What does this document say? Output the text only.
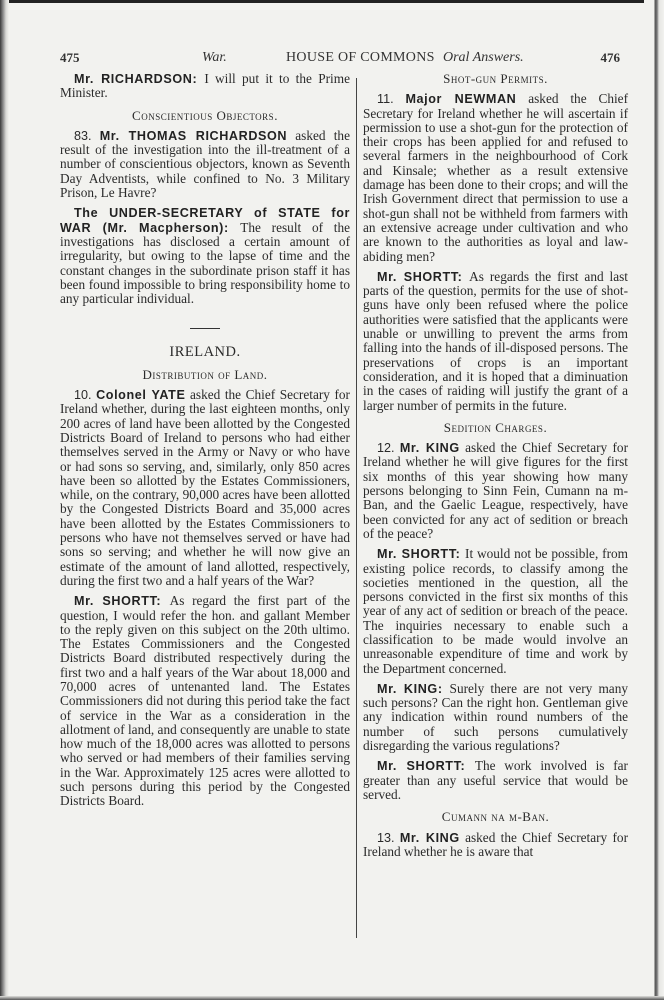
475	War.	HOUSE OF COMMONS Oral Answers.	476

Mr. RICHARDSON: I will put it to the Prime Minister.

Conscientious Objectors.

83. Mr. THOMAS RICHARDSON asked the result of the investigation into the ill-treatment of a number of conscientious objectors, known as Seventh Day Adventists, while confined to No. 3 Military Prison, Le Havre?

The UNDER-SECRETARY of STATE for WAR (Mr. Macpherson): The result of the investigations has disclosed a certain amount of irregularity, but owing to the lapse of time and the constant changes in the subordinate prison staff it has been found impossible to bring responsibility home to any particular individual.

IRELAND.
Distribution of Land.

10. Colonel YATE asked the Chief Secretary for Ireland whether, during the last eighteen months, only 200 acres of land have been allotted by the Congested Districts Board of Ireland to persons who had either themselves served in the Army or Navy or who have or had sons so serving, and, similarly, only 850 acres have been so allotted by the Estates Commissioners, while, on the contrary, 90,000 acres have been allotted by the Congested Districts Board and 35,000 acres have been allotted by the Estates Commissioners to persons who have not themselves served or have had sons so serving; and whether he will now give an estimate of the amount of land allotted, respectively, during the first two and a half years of the War?

Mr. SHORTT: As regard the first part of the question, I would refer the hon. and gallant Member to the reply given on this subject on the 20th ultimo. The Estates Commissioners and the Congested Districts Board distributed respectively during the first two and a half years of the War about 18,000 and 70,000 acres of untenanted land. The Estates Commissioners did not during this period take the fact of service in the War as a consideration in the allotment of land, and consequently are unable to state how much of the 18,000 acres was allotted to persons who served or had members of their families serving in the War. Approximately 125 acres were allotted to such persons during this period by the Congested Districts Board.

Shot-gun Permits.

11. Major NEWMAN asked the Chief Secretary for Ireland whether he will ascertain if permission to use a shot-gun for the protection of their crops has been applied for and refused to several farmers in the neighbourhood of Cork and Kinsale; whether as a result extensive damage has been done to their crops; and will the Irish Government direct that permission to use a shot-gun shall not be withheld from farmers with an extensive acreage under cultivation and who are known to the authorities as loyal and law-abiding men?

Mr. SHORTT: As regards the first and last parts of the question, permits for the use of shot-guns have only been refused where the police authorities were satisfied that the applicants were unable or unwilling to prevent the arms from falling into the hands of ill-disposed persons. The preservations of crops is an important consideration, and it is hoped that a diminuation in the cases of raiding will justify the grant of a larger number of permits in the future.

Sedition Charges.

12. Mr. KING asked the Chief Secretary for Ireland whether he will give figures for the first six months of this year showing how many persons belonging to Sinn Fein, Cumann na m-Ban, and the Gaelic League, respectively, have been convicted for any act of sedition or breach of the peace?

Mr. SHORTT: It would not be possible, from existing police records, to classify among the societies mentioned in the question, all the persons convicted in the first six months of this year of any act of sedition or breach of the peace. The inquiries necessary to enable such a classification to be made would involve an unreasonable expenditure of time and work by the Department concerned.

Mr. KING: Surely there are not very many such persons? Can the right hon. Gentleman give any indication within round numbers of the number of such persons cumulatively disregarding the various regulations?

Mr. SHORTT: The work involved is far greater than any useful service that would be served.

Cumann na m-Ban.

13. Mr. KING asked the Chief Secretary for Ireland whether he is aware that
